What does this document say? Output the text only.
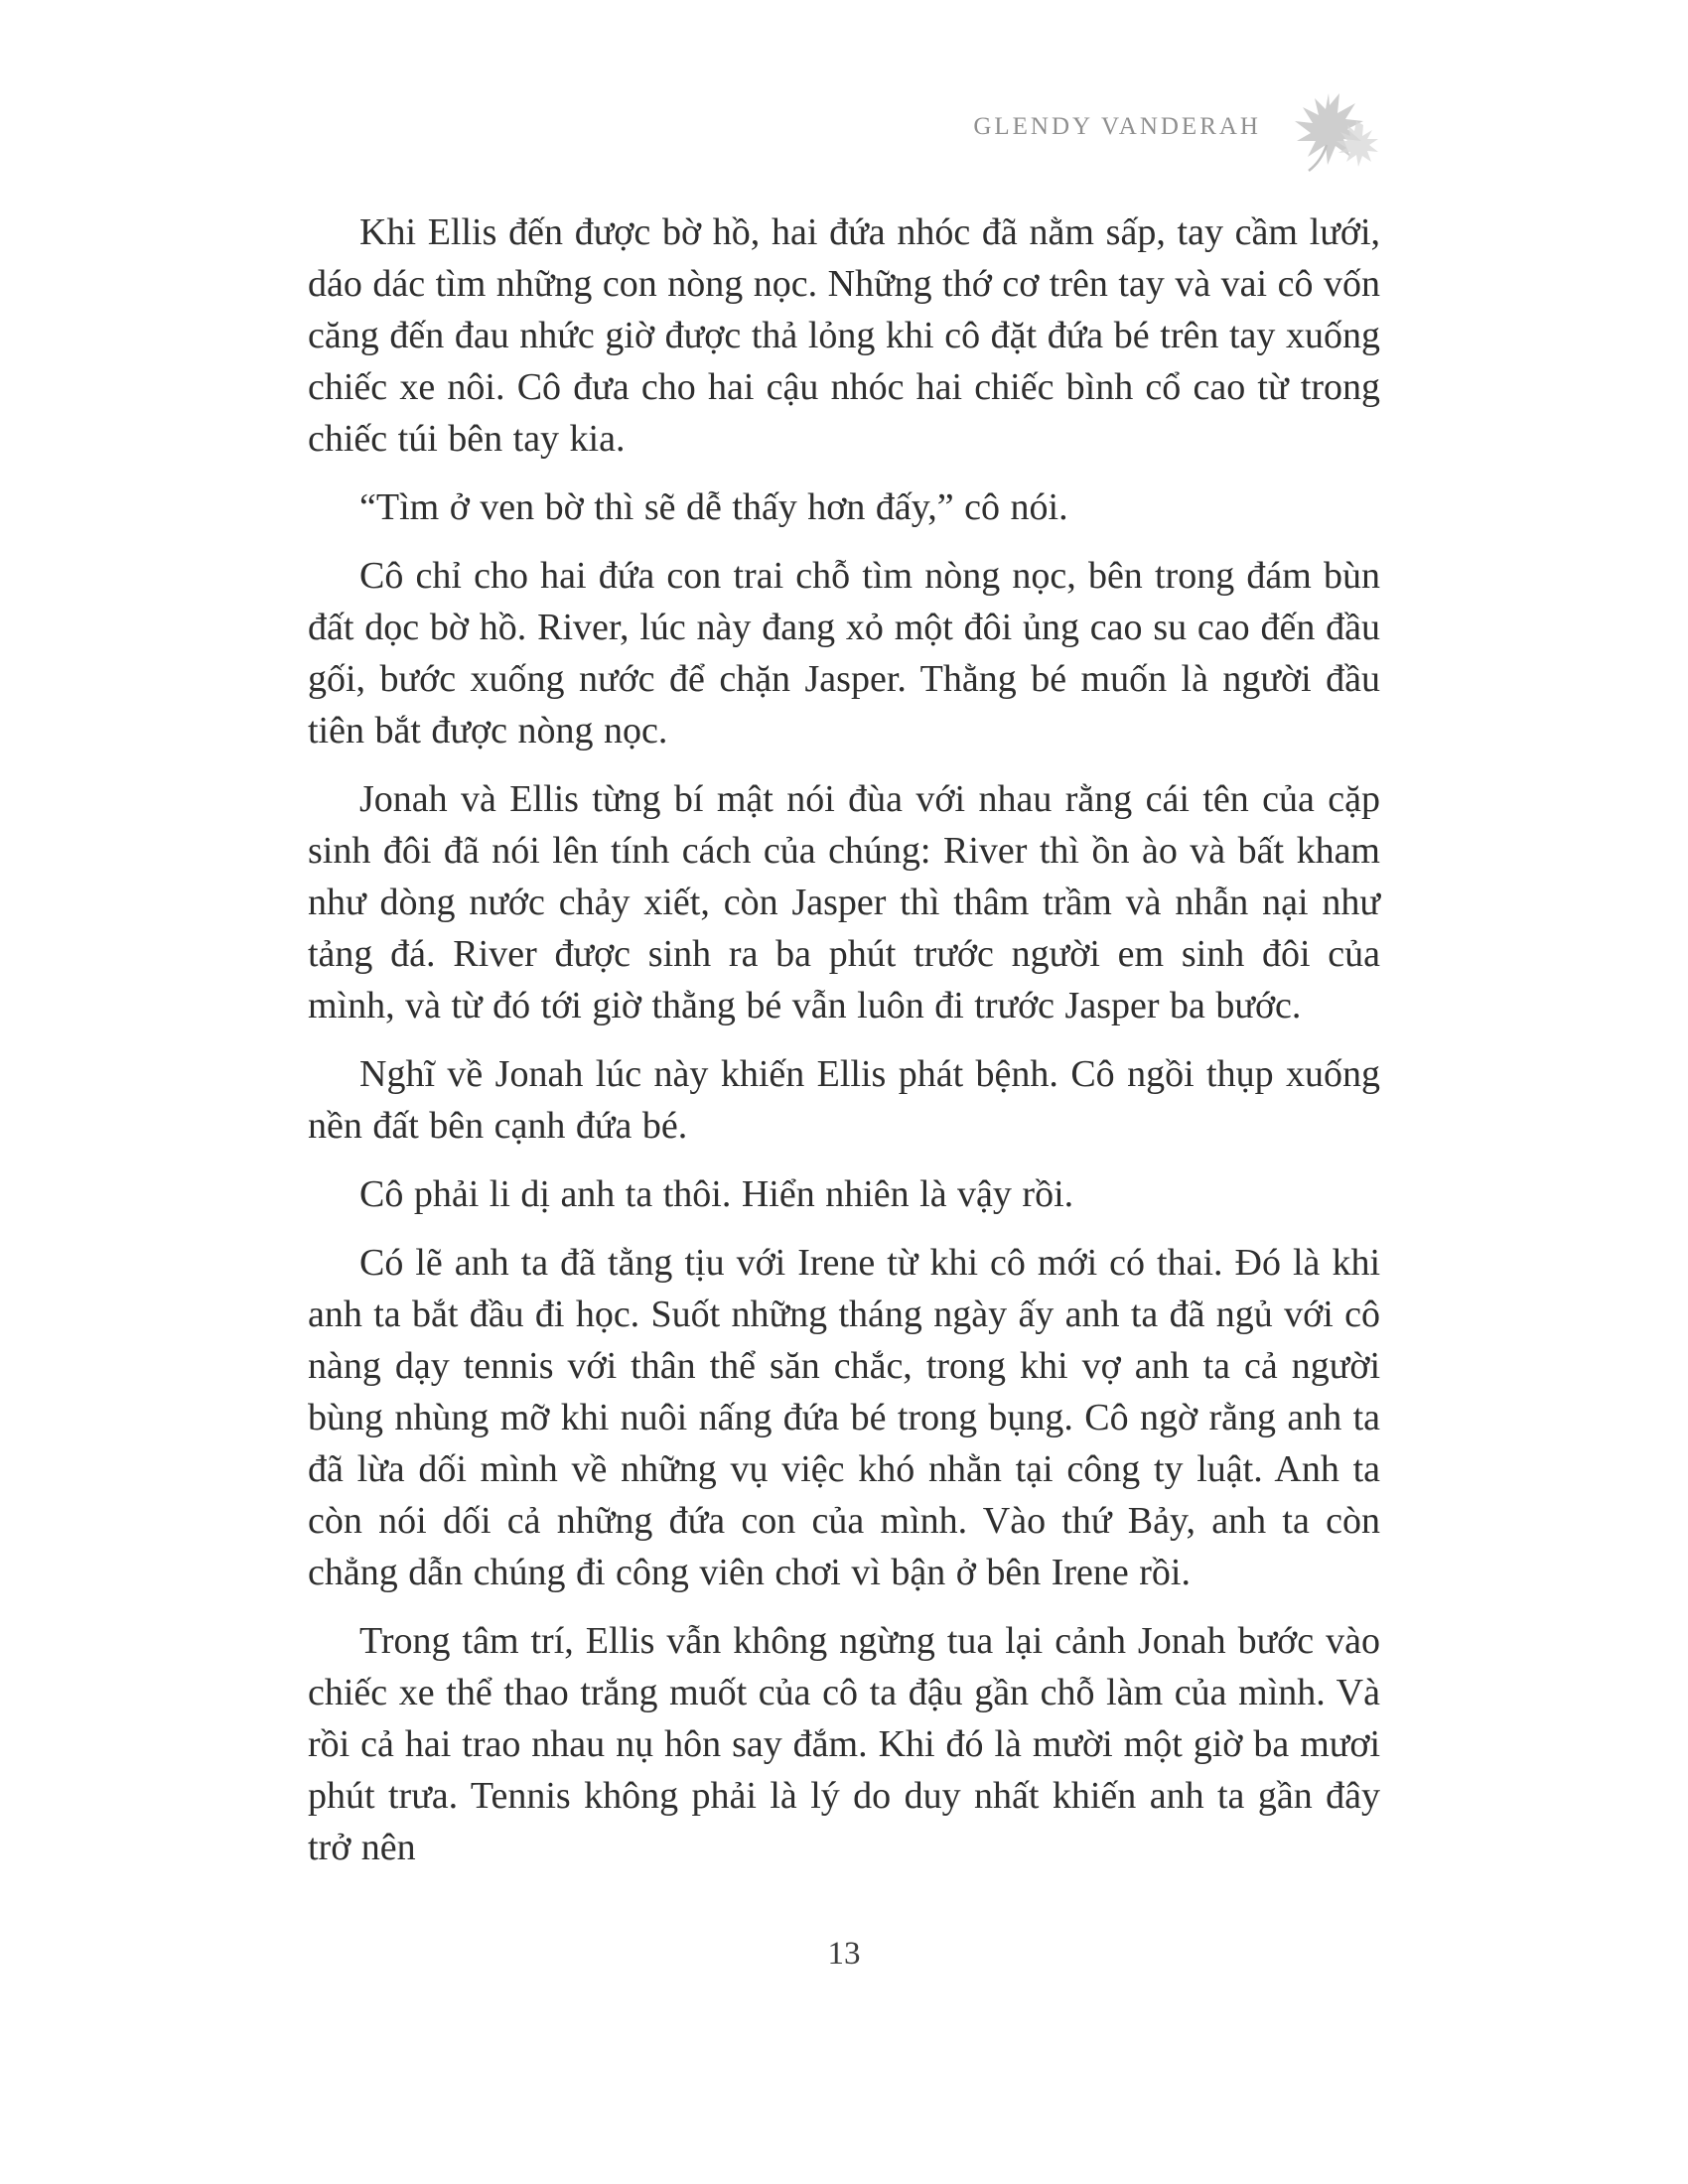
GLENDY VANDERAH

Khi Ellis đến được bờ hồ, hai đứa nhóc đã nằm sấp, tay cầm lưới, dáo dác tìm những con nòng nọc. Những thớ cơ trên tay và vai cô vốn căng đến đau nhức giờ được thả lỏng khi cô đặt đứa bé trên tay xuống chiếc xe nôi. Cô đưa cho hai cậu nhóc hai chiếc bình cổ cao từ trong chiếc túi bên tay kia.

“Tìm ở ven bờ thì sẽ dễ thấy hơn đấy,” cô nói.

Cô chỉ cho hai đứa con trai chỗ tìm nòng nọc, bên trong đám bùn đất dọc bờ hồ. River, lúc này đang xỏ một đôi ủng cao su cao đến đầu gối, bước xuống nước để chặn Jasper. Thằng bé muốn là người đầu tiên bắt được nòng nọc.

Jonah và Ellis từng bí mật nói đùa với nhau rằng cái tên của cặp sinh đôi đã nói lên tính cách của chúng: River thì ồn ào và bất kham như dòng nước chảy xiết, còn Jasper thì thâm trầm và nhẫn nại như tảng đá. River được sinh ra ba phút trước người em sinh đôi của mình, và từ đó tới giờ thằng bé vẫn luôn đi trước Jasper ba bước.

Nghĩ về Jonah lúc này khiến Ellis phát bệnh. Cô ngồi thụp xuống nền đất bên cạnh đứa bé.

Cô phải li dị anh ta thôi. Hiển nhiên là vậy rồi.

Có lẽ anh ta đã tằng tịu với Irene từ khi cô mới có thai. Đó là khi anh ta bắt đầu đi học. Suốt những tháng ngày ấy anh ta đã ngủ với cô nàng dạy tennis với thân thể săn chắc, trong khi vợ anh ta cả người bùng nhùng mỡ khi nuôi nấng đứa bé trong bụng. Cô ngờ rằng anh ta đã lừa dối mình về những vụ việc khó nhằn tại công ty luật. Anh ta còn nói dối cả những đứa con của mình. Vào thứ Bảy, anh ta còn chẳng dẫn chúng đi công viên chơi vì bận ở bên Irene rồi.

Trong tâm trí, Ellis vẫn không ngừng tua lại cảnh Jonah bước vào chiếc xe thể thao trắng muốt của cô ta đậu gần chỗ làm của mình. Và rồi cả hai trao nhau nụ hôn say đắm. Khi đó là mười một giờ ba mươi phút trưa. Tennis không phải là lý do duy nhất khiến anh ta gần đây trở nên

13
